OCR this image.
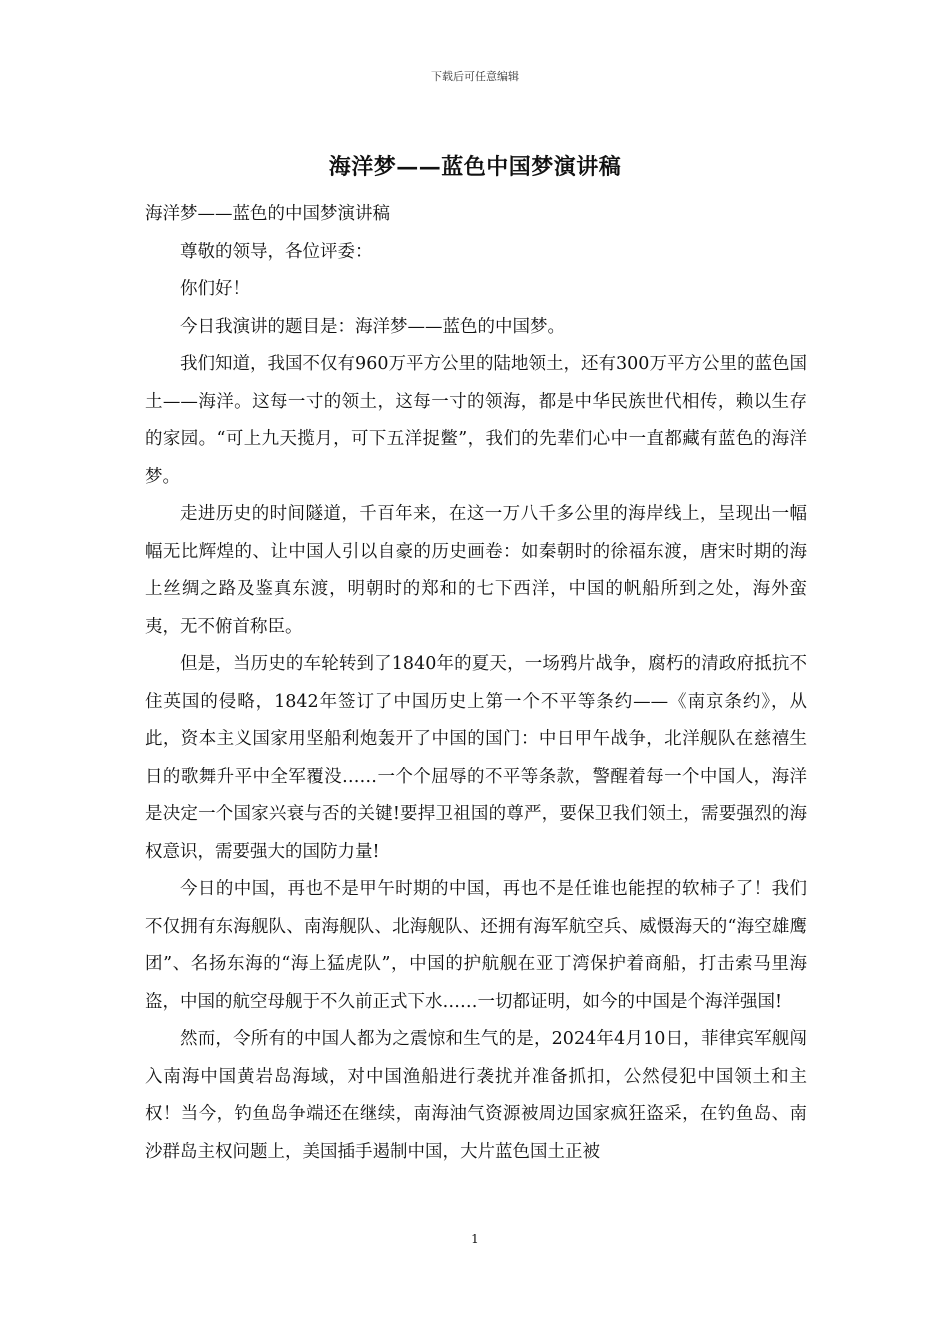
下载后可任意编辑
海洋梦——蓝色中国梦演讲稿

海洋梦——蓝色的中国梦演讲稿

尊敬的领导，各位评委：

你们好！

今日我演讲的题目是：海洋梦——蓝色的中国梦。

我们知道，我国不仅有960万平方公里的陆地领土，还有300万平方公里的蓝色国土——海洋。这每一寸的领土，这每一寸的领海，都是中华民族世代相传，赖以生存的家园。“可上九天揽月，可下五洋捉鳖”，我们的先辈们心中一直都藏有蓝色的海洋梦。

走进历史的时间隧道，千百年来，在这一万八千多公里的海岸线上，呈现出一幅幅无比辉煌的、让中国人引以自豪的历史画卷：如秦朝时的徐福东渡，唐宋时期的海上丝绸之路及鉴真东渡，明朝时的郑和的七下西洋，中国的帆船所到之处，海外蛮夷，无不俯首称臣。

但是，当历史的车轮转到了1840年的夏天，一场鸦片战争，腐朽的清政府抵抗不住英国的侵略，1842年签订了中国历史上第一个不平等条约——《南京条约》，从此，资本主义国家用坚船利炮轰开了中国的国门：中日甲午战争，北洋舰队在慈禧生日的歌舞升平中全军覆没……一个个屈辱的不平等条款，警醒着每一个中国人，海洋是决定一个国家兴衰与否的关键!要捍卫祖国的尊严，要保卫我们领土，需要强烈的海权意识，需要强大的国防力量!

今日的中国，再也不是甲午时期的中国，再也不是任谁也能捏的软柿子了！我们不仅拥有东海舰队、南海舰队、北海舰队、还拥有海军航空兵、威慑海天的“海空雄鹰团”、名扬东海的“海上猛虎队”，中国的护航舰在亚丁湾保护着商船，打击索马里海盗，中国的航空母舰于不久前正式下水……一切都证明，如今的中国是个海洋强国!

然而，令所有的中国人都为之震惊和生气的是，2024年4月10日，菲律宾军舰闯入南海中国黄岩岛海域，对中国渔船进行袭扰并准备抓扣，公然侵犯中国领土和主权！当今，钓鱼岛争端还在继续，南海油气资源被周边国家疯狂盗采，在钓鱼岛、南沙群岛主权问题上，美国插手遏制中国，大片蓝色国土正被

1
